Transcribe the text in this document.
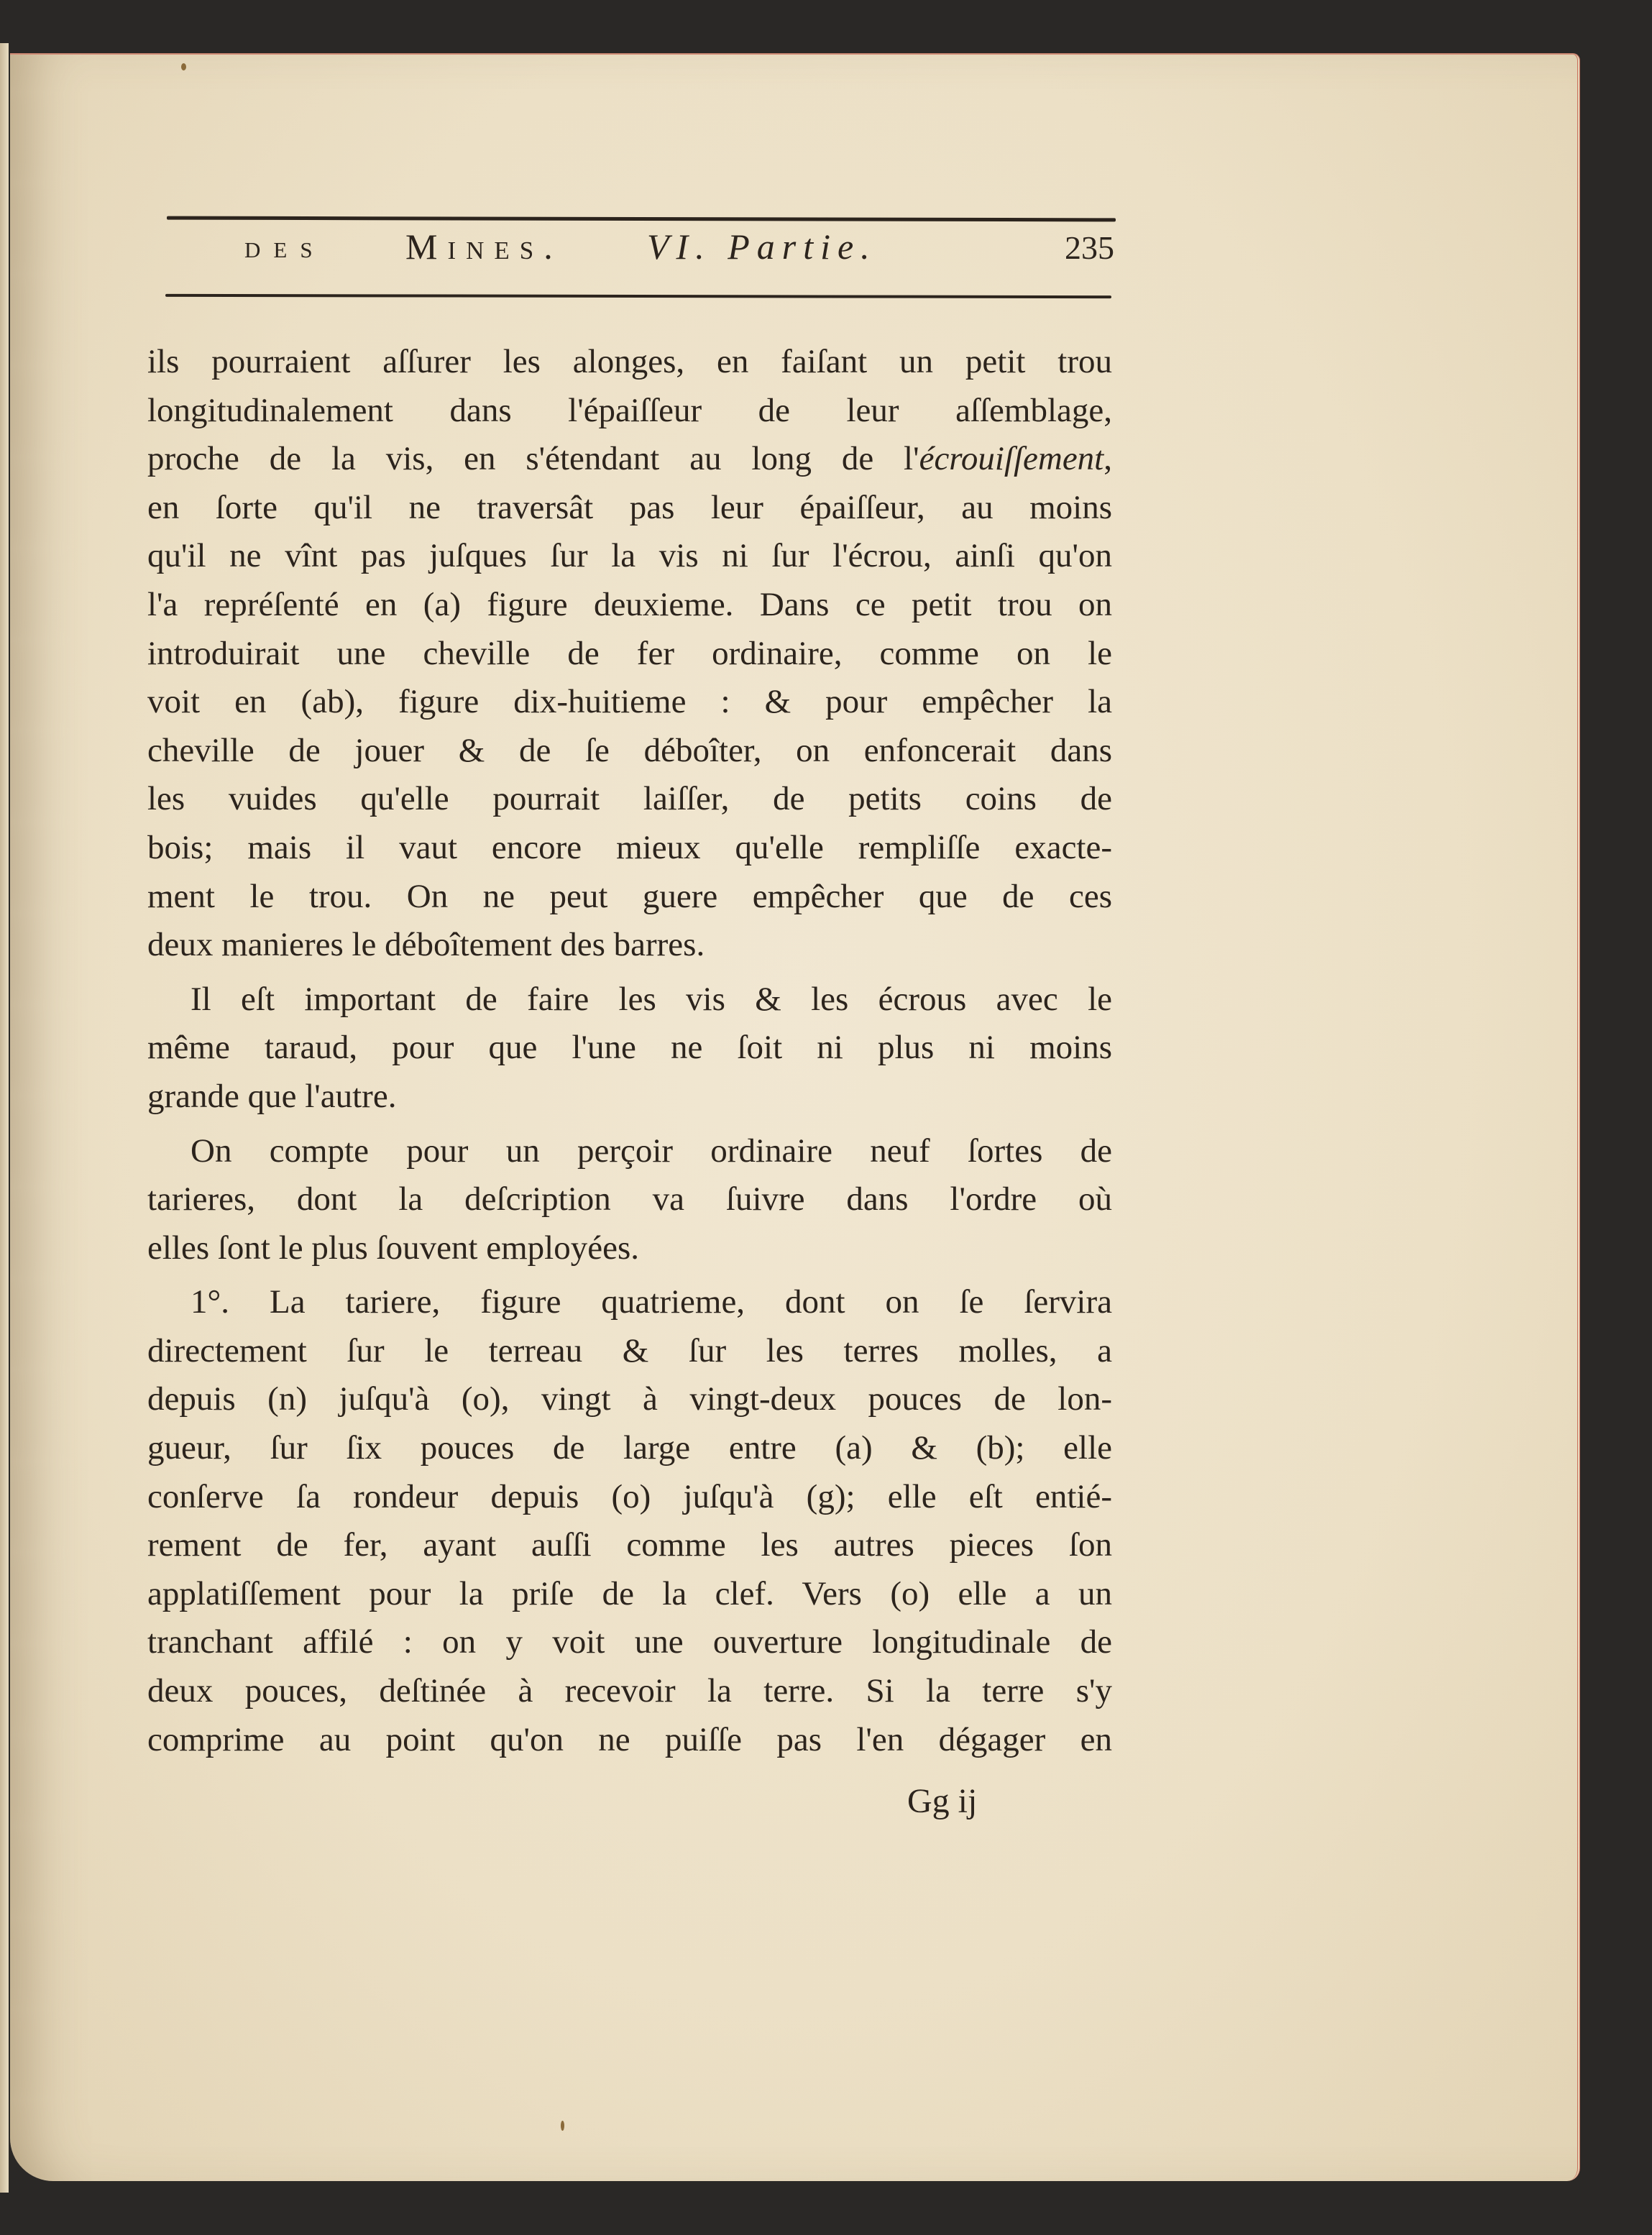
des Mines. VI. Partie.	235
ils pourraient aſſurer les alonges, en faiſant un petit trou
longitudinalement dans l'épaiſſeur de leur aſſemblage,
proche de la vis, en s'étendant au long de l'écrouiſſement,
en ſorte qu'il ne traversât pas leur épaiſſeur, au moins
qu'il ne vînt pas juſques ſur la vis ni ſur l'écrou, ainſi qu'on
l'a repréſenté en (a) figure deuxieme. Dans ce petit trou on
introduirait une cheville de fer ordinaire, comme on le
voit en (ab), figure dix-huitieme : & pour empêcher la
cheville de jouer & de ſe déboîter, on enfoncerait dans
les vuides qu'elle pourrait laiſſer, de petits coins de
bois; mais il vaut encore mieux qu'elle rempliſſe exacte-
ment le trou. On ne peut guere empêcher que de ces
deux manieres le déboîtement des barres.
Il eſt important de faire les vis & les écrous avec le
même taraud, pour que l'une ne ſoit ni plus ni moins
grande que l'autre.
On compte pour un perçoir ordinaire neuf ſortes de
tarieres, dont la deſcription va ſuivre dans l'ordre où
elles ſont le plus ſouvent employées.
1°. La tariere, figure quatrieme, dont on ſe ſervira
directement ſur le terreau & ſur les terres molles, a
depuis (n) juſqu'à (o), vingt à vingt-deux pouces de lon-
gueur, ſur ſix pouces de large entre (a) & (b); elle
conſerve ſa rondeur depuis (o) juſqu'à (g); elle eſt entié-
rement de fer, ayant auſſi comme les autres pieces ſon
applatiſſement pour la priſe de la clef. Vers (o) elle a un
tranchant affilé : on y voit une ouverture longitudinale de
deux pouces, deſtinée à recevoir la terre. Si la terre s'y
comprime au point qu'on ne puiſſe pas l'en dégager en
Gg ij
